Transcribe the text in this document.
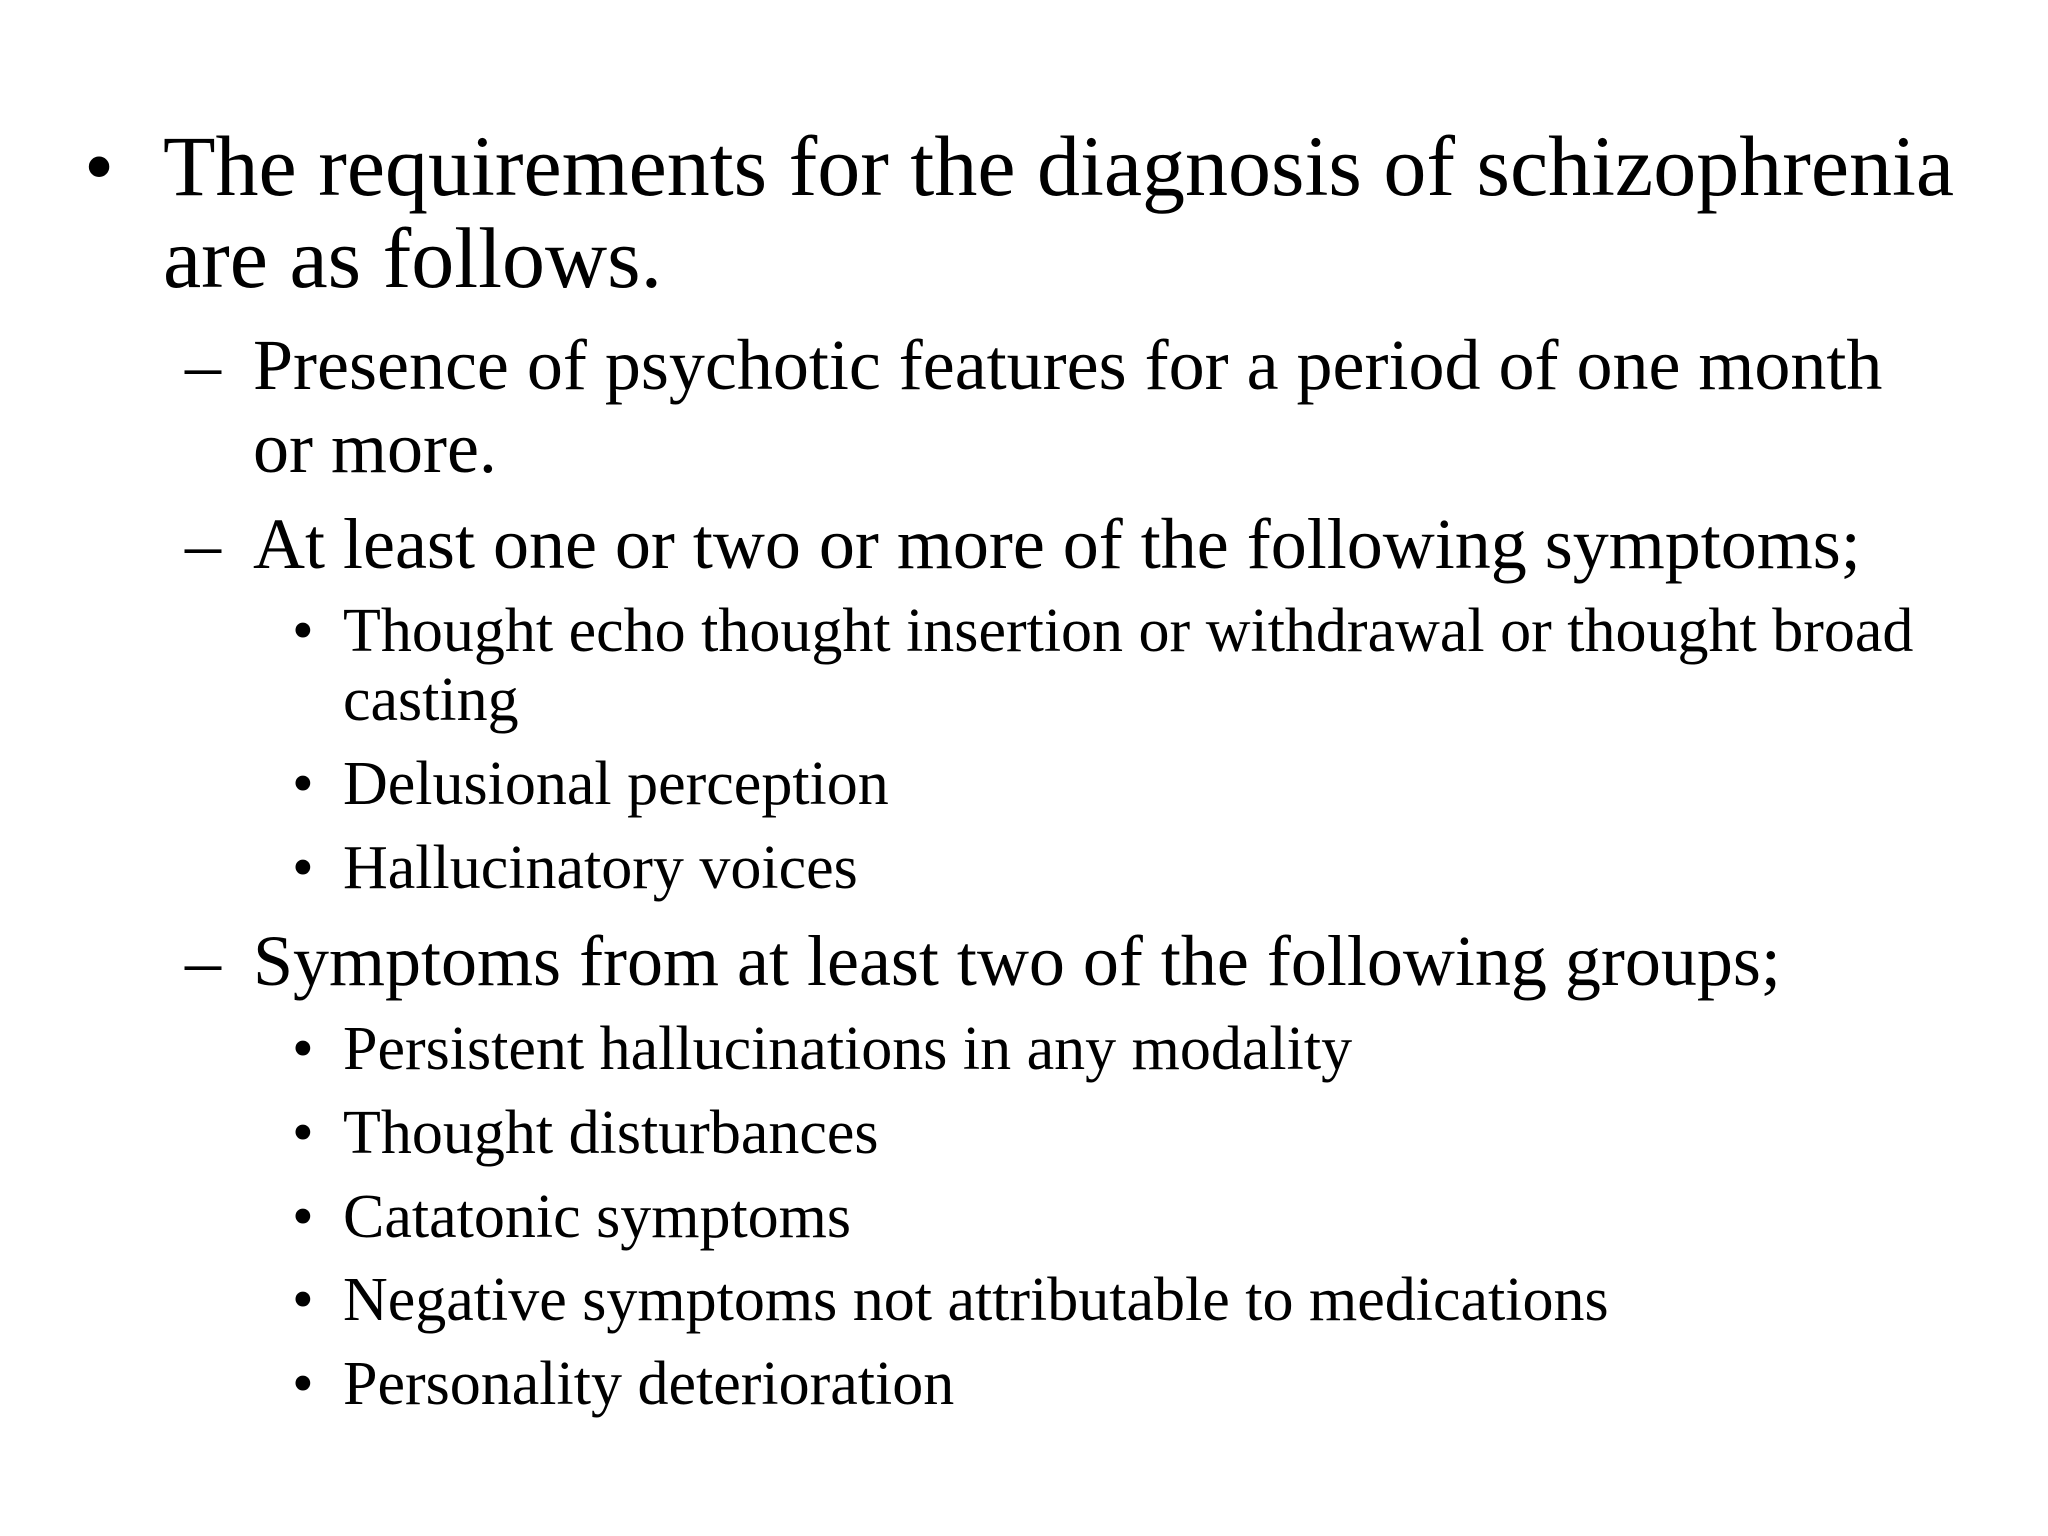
• The requirements for the diagnosis of schizophrenia
are as follows.
– Presence of psychotic features for a period of one month
or more.
– At least one or two or more of the following symptoms;
• Thought echo thought insertion or withdrawal or thought broad
casting
• Delusional perception
• Hallucinatory voices
– Symptoms from at least two of the following groups;
• Persistent hallucinations in any modality
• Thought disturbances
• Catatonic symptoms
• Negative symptoms not attributable to medications
• Personality deterioration
